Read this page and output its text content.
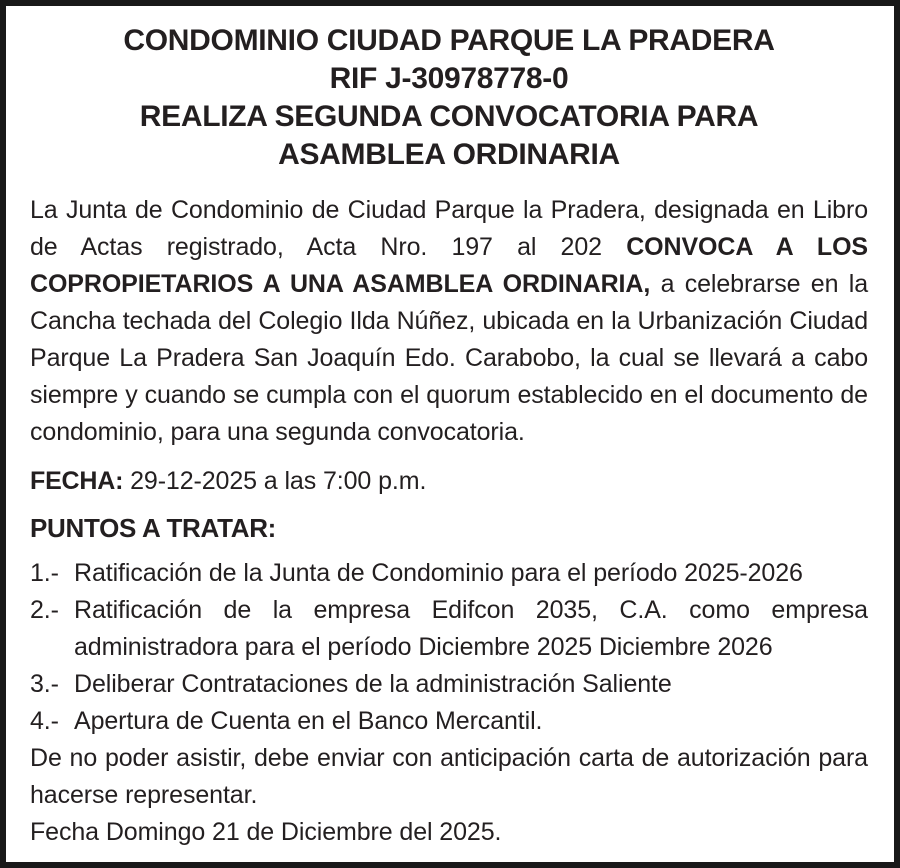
CONDOMINIO CIUDAD PARQUE LA PRADERA
RIF J-30978778-0
REALIZA SEGUNDA CONVOCATORIA PARA
ASAMBLEA ORDINARIA

La Junta de Condominio de Ciudad Parque la Pradera, designada en Libro de Actas registrado, Acta Nro. 197 al 202 CONVOCA A LOS COPROPIETARIOS A UNA ASAMBLEA ORDINARIA, a celebrarse en la Cancha techada del Colegio Ilda Núñez, ubicada en la Urbanización Ciudad Parque La Pradera San Joaquín Edo. Carabobo, la cual se llevará a cabo siempre y cuando se cumpla con el quorum establecido en el documento de condominio, para una segunda convocatoria.

FECHA: 29-12-2025 a las 7:00 p.m.

PUNTOS A TRATAR:

1.- Ratificación de la Junta de Condominio para el período 2025-2026
2.- Ratificación de la empresa Edifcon 2035, C.A. como empresa administradora para el período Diciembre 2025 Diciembre 2026
3.- Deliberar Contrataciones de la administración Saliente
4.- Apertura de Cuenta en el Banco Mercantil.

De no poder asistir, debe enviar con anticipación carta de autorización para hacerse representar.

Fecha Domingo 21 de Diciembre del 2025.
